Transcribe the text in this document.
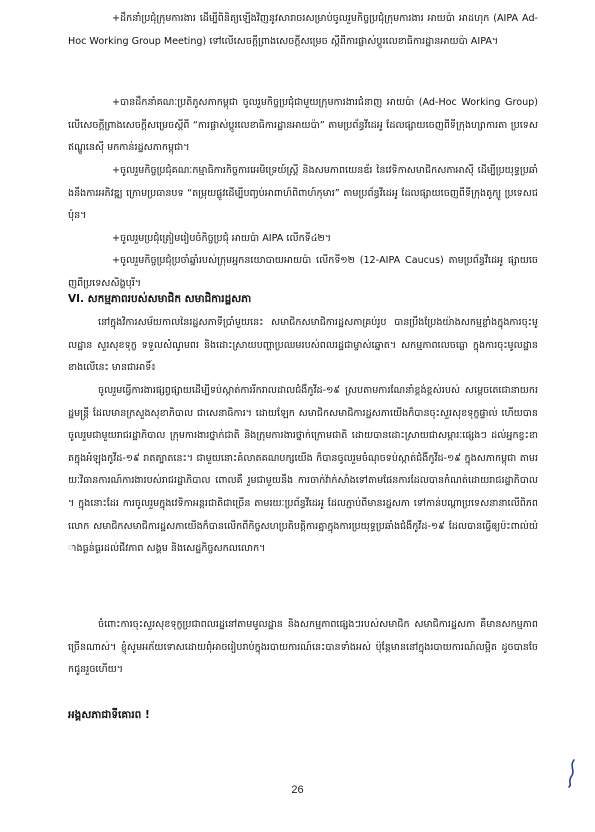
+ដឹកនាំប្រជុំក្រុមការងារ ដើម្បីពិនិត្យឡើងវិញនូវសារាចរសម្រាប់ចូលរួមកិច្ចប្រជុំក្រុមការងារ អាយប៉ា អាដហុក (AIPA Ad-Hoc Working Group Meeting) ទៅលើសេចក្តីព្រាងសេចក្តីសម្រេច ស្តីពីការផ្លាស់ប្តូរលេខាធិការដ្ឋានអាយប៉ា AIPA។
+បានដឹកនាំគណៈប្រតិភូសភាកម្ពុជា ចូលរួមកិច្ចប្រជុំជាមួយក្រុមការងារជំនាញ អាយប៉ា (Ad-Hoc Working Group) លើសេចក្តីព្រាងសេចក្តីសម្រេចស្តីពី “ការផ្លាស់ប្តូរលេខាធិការដ្ឋានអាយប៉ា” តាមប្រព័ន្ធវីដេអូ ដែលផ្សាយចេញពីទីក្រុងហ្សាការតា ប្រទេសឥណ្ឌូនេស៊ី មកកាន់រដ្ឋសភាកម្ពុជា។
+ចូលរួមកិច្ចប្រជុំគណៈកម្មាធិការកិច្ចការអេមិទ្រេយ៍ស្ត្រី និងសមភាពយេនឌ័រ នៃវេទិកាសមាជិកសភាអាស៊ី ដើម្បីប្រយុទ្ធប្រឆាំងនឹងការអភិវឌ្ឍ ក្រោមប្រធានបទ “តម្រុយផ្លូវដើម្បីបញ្ចប់អាពាហ៍ពិពាហ៍កុមារ” តាមប្រព័ន្ធវីដេអូ ដែលផ្សាយចេញពីទីក្រុងតូក្យូ ប្រទេសជប៉ុន។
+ចូលរួមប្រជុំត្រៀមរៀបចំកិច្ចប្រជុំ អាយប៉ា AIPA លើកទី៤២។
+ចូលរួមកិច្ចប្រជុំប្រចាំឆ្នាំរបស់ក្រុមអ្នកនយោបាយអាយប៉ា លើកទី១២ (12-AIPA Caucus) តាមប្រព័ន្ធវីដេអូ ផ្សាយចេញពីប្រទេសសិង្ហបុរី។
VI. សកម្មភាពរបស់សមាជិក សមាជិការដ្ឋសភា
នៅក្នុងវិការសម័យកាលនៃរដ្ឋសភាទីប្រាំមួយនេះ សមាជិកសមាជិការដ្ឋសភាគ្រប់រូប បានប្រឹងប្រែងយ៉ាងសកម្មខ្លាំងក្នុងការចុះមូលដ្ឋាន សួរសុខទុក្ខ ទទួលសំណូមពរ និងដោះស្រាយបញ្ហាប្រឈមរបស់ពលរដ្ឋជាម្ចាស់ឆ្នោត។ សកម្មភាពលេចធ្លោ ក្នុងការចុះមូលដ្ឋាន ខាងលើនេះ មានជាអាទិ៍៖
ចូលរួមធ្វើការងារផ្សព្វផ្សាយដើម្បីទប់ស្កាត់ការរីករាលដាលជំងឺកូវីដ-១៩ ស្របតាមការណែនាំខ្ពង់ខ្ពស់របស់ សម្តេចតេជោនាយករដ្ឋមន្ត្រី ដែលមានក្រសួងសុខាភិបាល ជាសេនាធិការ។ ដោយឡែក សមាជិកសមាជិការដ្ឋសភាយើងក៏បានចុះសួរសុខទុក្ខផ្ទាល់ ហើយបានចូលរួមជាមួយរាជរដ្ឋាភិបាល ក្រុមការងារថ្នាក់ជាតិ និងក្រុមការងារថ្នាក់ក្រោមជាតិ ដោយបានដោះស្រាយជាសម្ភារៈផ្សេងៗ ដល់អ្នកខ្វះខាតក្នុងអំឡុងកូវីដ-១៩ រាតត្បាតនេះ។ ជាមួយនោះគំលាតគណបក្សយើង ក៏បានចូលរួមចំណុចទប់ស្កាត់ជំងឺកូវីដ-១៩ ក្នុងសភាកម្ពុជា តាមរយៈវិធានការណ៍ការងារបស់រាជរដ្ឋាភិបាល ពោលគឺ រួមជាមួយនឹង ការចាក់វ៉ាក់សាំងទៅតាមផែនការដែលបានកំណត់ដោយរាជរដ្ឋាភិបាល។ ក្នុងនោះដែរ ការចូលរួមក្នុងវេទិកាអន្តរជាតិជាច្រើន តាមរយៈប្រព័ន្ធវីដេអូ ដែលភ្ជាប់ពីមានរដ្ឋសភា ទៅកាន់បណ្តាប្រទេសនានាលើពិភពលោក សមាជិកសមាជិការដ្ឋសភាយើងក៏បានលើកពីកិច្ចសហប្រតិបត្តិការគ្នាក្នុងការប្រយុទ្ធប្រឆាំងជំងឺកូវីដ-១៩ ដែលបានធ្វើឲ្យប៉ះពាល់យ៉ាងធ្ងន់ធ្ងរដល់ជីវភាព សង្គម និងសេដ្ឋកិច្ចសកលលោក។
ចំពោះការចុះសួរសុខទុក្ខប្រជាពលរដ្ឋនៅតាមមូលដ្ឋាន និងសកម្មភាពផ្សេងៗរបស់សមាជិក សមាជិការដ្ឋសភា គឺមានសកម្មភាពច្រើនណាស់។ ខ្ញុំសូមអភ័យទោសដោយពុំអាចរៀបរាប់ក្នុងរបាយការណ៍នេះបានទាំងអស់ ប៉ុន្តែមាននៅក្នុងរបាយការណ៍លម្អិត ដូចបានចែកជូនរួចហើយ។
អង្គសភាជាទីគោរព !
26
